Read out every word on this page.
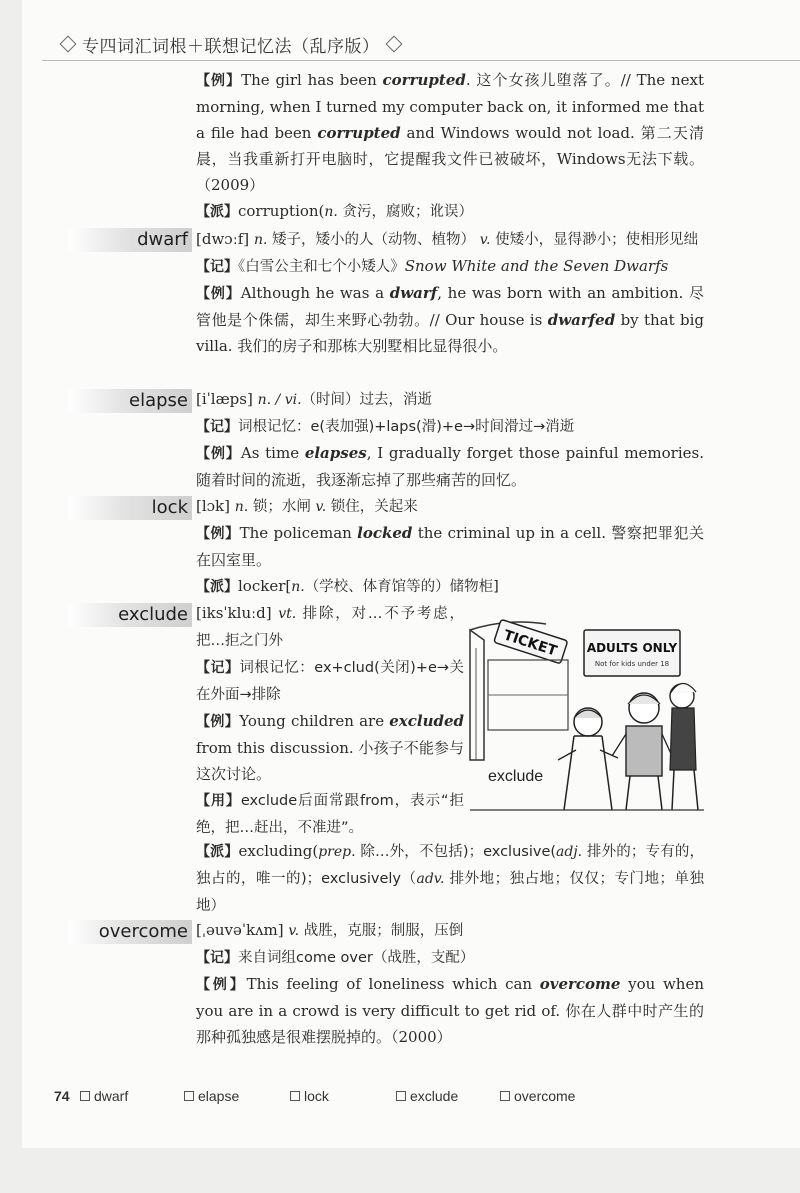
专四词汇词根＋联想记忆法（乱序版）

【例】The girl has been corrupted. 这个女孩儿堕落了。// The next morning, when I turned my computer back on, it informed me that a file had been corrupted and Windows would not load. 第二天清晨，当我重新打开电脑时，它提醒我文件已被破坏，Windows无法下载。（2009）

【派】corruption(n. 贪污，腐败；讹误）

dwarf [dwɔːf] n. 矮子，矮小的人（动物、植物） v. 使矮小，显得渺小；使相形见绌

【记】《白雪公主和七个小矮人》Snow White and the Seven Dwarfs

【例】Although he was a dwarf, he was born with an ambition. 尽管他是个侏儒，却生来野心勃勃。// Our house is dwarfed by that big villa. 我们的房子和那栋大别墅相比显得很小。

elapse [iˈlæps] n. / vi.（时间）过去，消逝

【记】词根记忆：e(表加强)+laps(滑)+e→时间滑过→消逝

【例】As time elapses, I gradually forget those painful memories. 随着时间的流逝，我逐渐忘掉了那些痛苦的回忆。

lock [lɔk] n. 锁；水闸 v. 锁住，关起来

【例】The policeman locked the criminal up in a cell. 警察把罪犯关在囚室里。

【派】locker[n.（学校、体育馆等的）储物柜]

exclude [iksˈkluːd] vt. 排除，对…不予考虑，把…拒之门外

【记】词根记忆：ex+clud(关闭)+e→关在外面→排除

【例】Young children are excluded from this discussion. 小孩子不能参与这次讨论。

【用】exclude后面常跟from，表示“拒绝，把…赶出，不准进”。

【派】excluding(prep. 除…外，不包括)；exclusive(adj. 排外的；专有的，独占的，唯一的)；exclusively（adv. 排外地；独占地；仅仅；专门地；单独地）

TICKET ADULTS ONLY
Not for kids under 18
exclude
overcome [ˌəuvəˈkʌm] v. 战胜，克服；制服，压倒

【记】来自词组come over（战胜，支配）

【例】This feeling of loneliness which can overcome you when you are in a crowd is very difficult to get rid of. 你在人群中时产生的那种孤独感是很难摆脱掉的。（2000）

74	dwarf	elapse	lock	exclude	overcome
